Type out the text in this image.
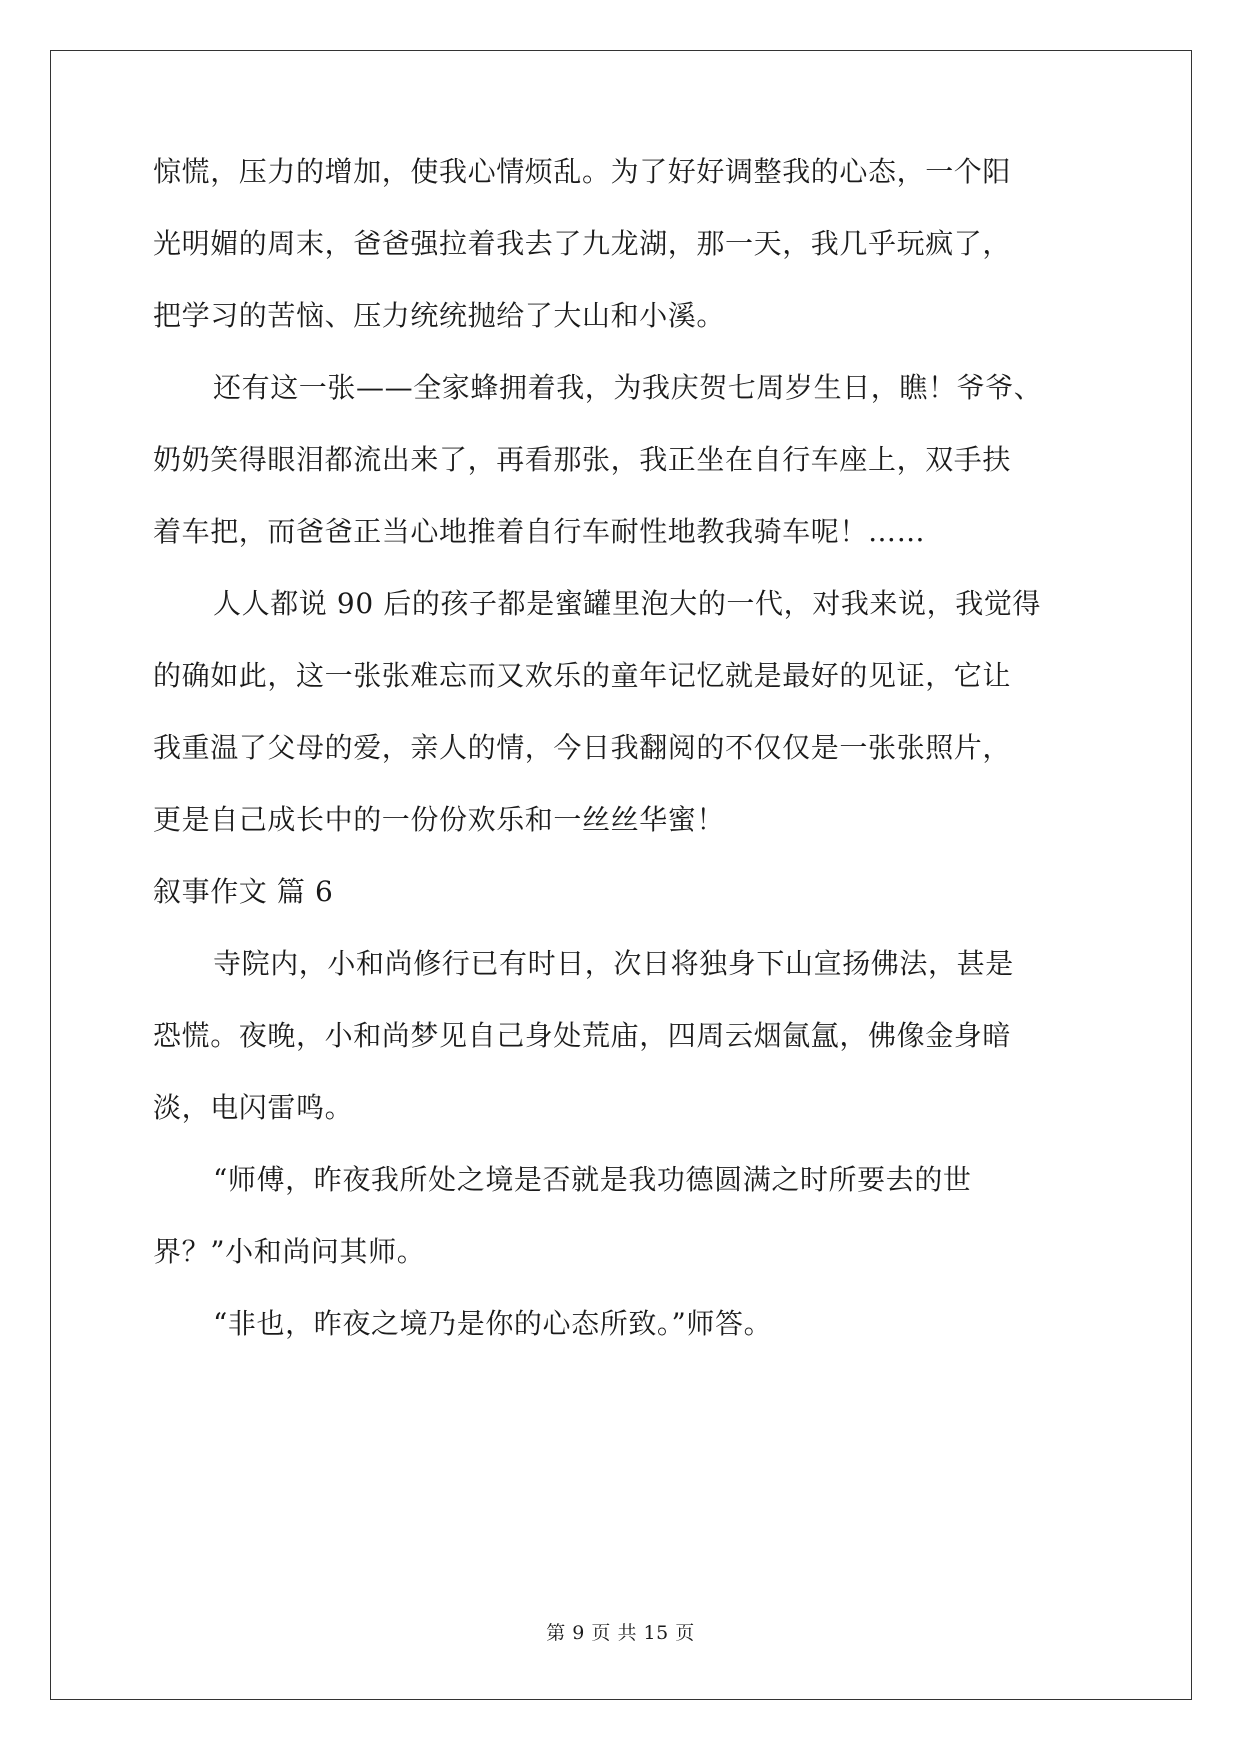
惊慌，压力的增加，使我心情烦乱。为了好好调整我的心态，一个阳
光明媚的周末，爸爸强拉着我去了九龙湖，那一天，我几乎玩疯了，
把学习的苦恼、压力统统抛给了大山和小溪。
还有这一张——全家蜂拥着我，为我庆贺七周岁生日，瞧！爷爷、
奶奶笑得眼泪都流出来了，再看那张，我正坐在自行车座上，双手扶
着车把，而爸爸正当心地推着自行车耐性地教我骑车呢！……
人人都说 90 后的孩子都是蜜罐里泡大的一代，对我来说，我觉得
的确如此，这一张张难忘而又欢乐的童年记忆就是最好的见证，它让
我重温了父母的爱，亲人的情，今日我翻阅的不仅仅是一张张照片，
更是自己成长中的一份份欢乐和一丝丝华蜜！
叙事作文 篇 6
寺院内，小和尚修行已有时日，次日将独身下山宣扬佛法，甚是
恐慌。夜晚，小和尚梦见自己身处荒庙，四周云烟氤氲，佛像金身暗
淡，电闪雷鸣。
“师傅，昨夜我所处之境是否就是我功德圆满之时所要去的世
界？”小和尚问其师。
“非也，昨夜之境乃是你的心态所致。”师答。
第 9 页 共 15 页
